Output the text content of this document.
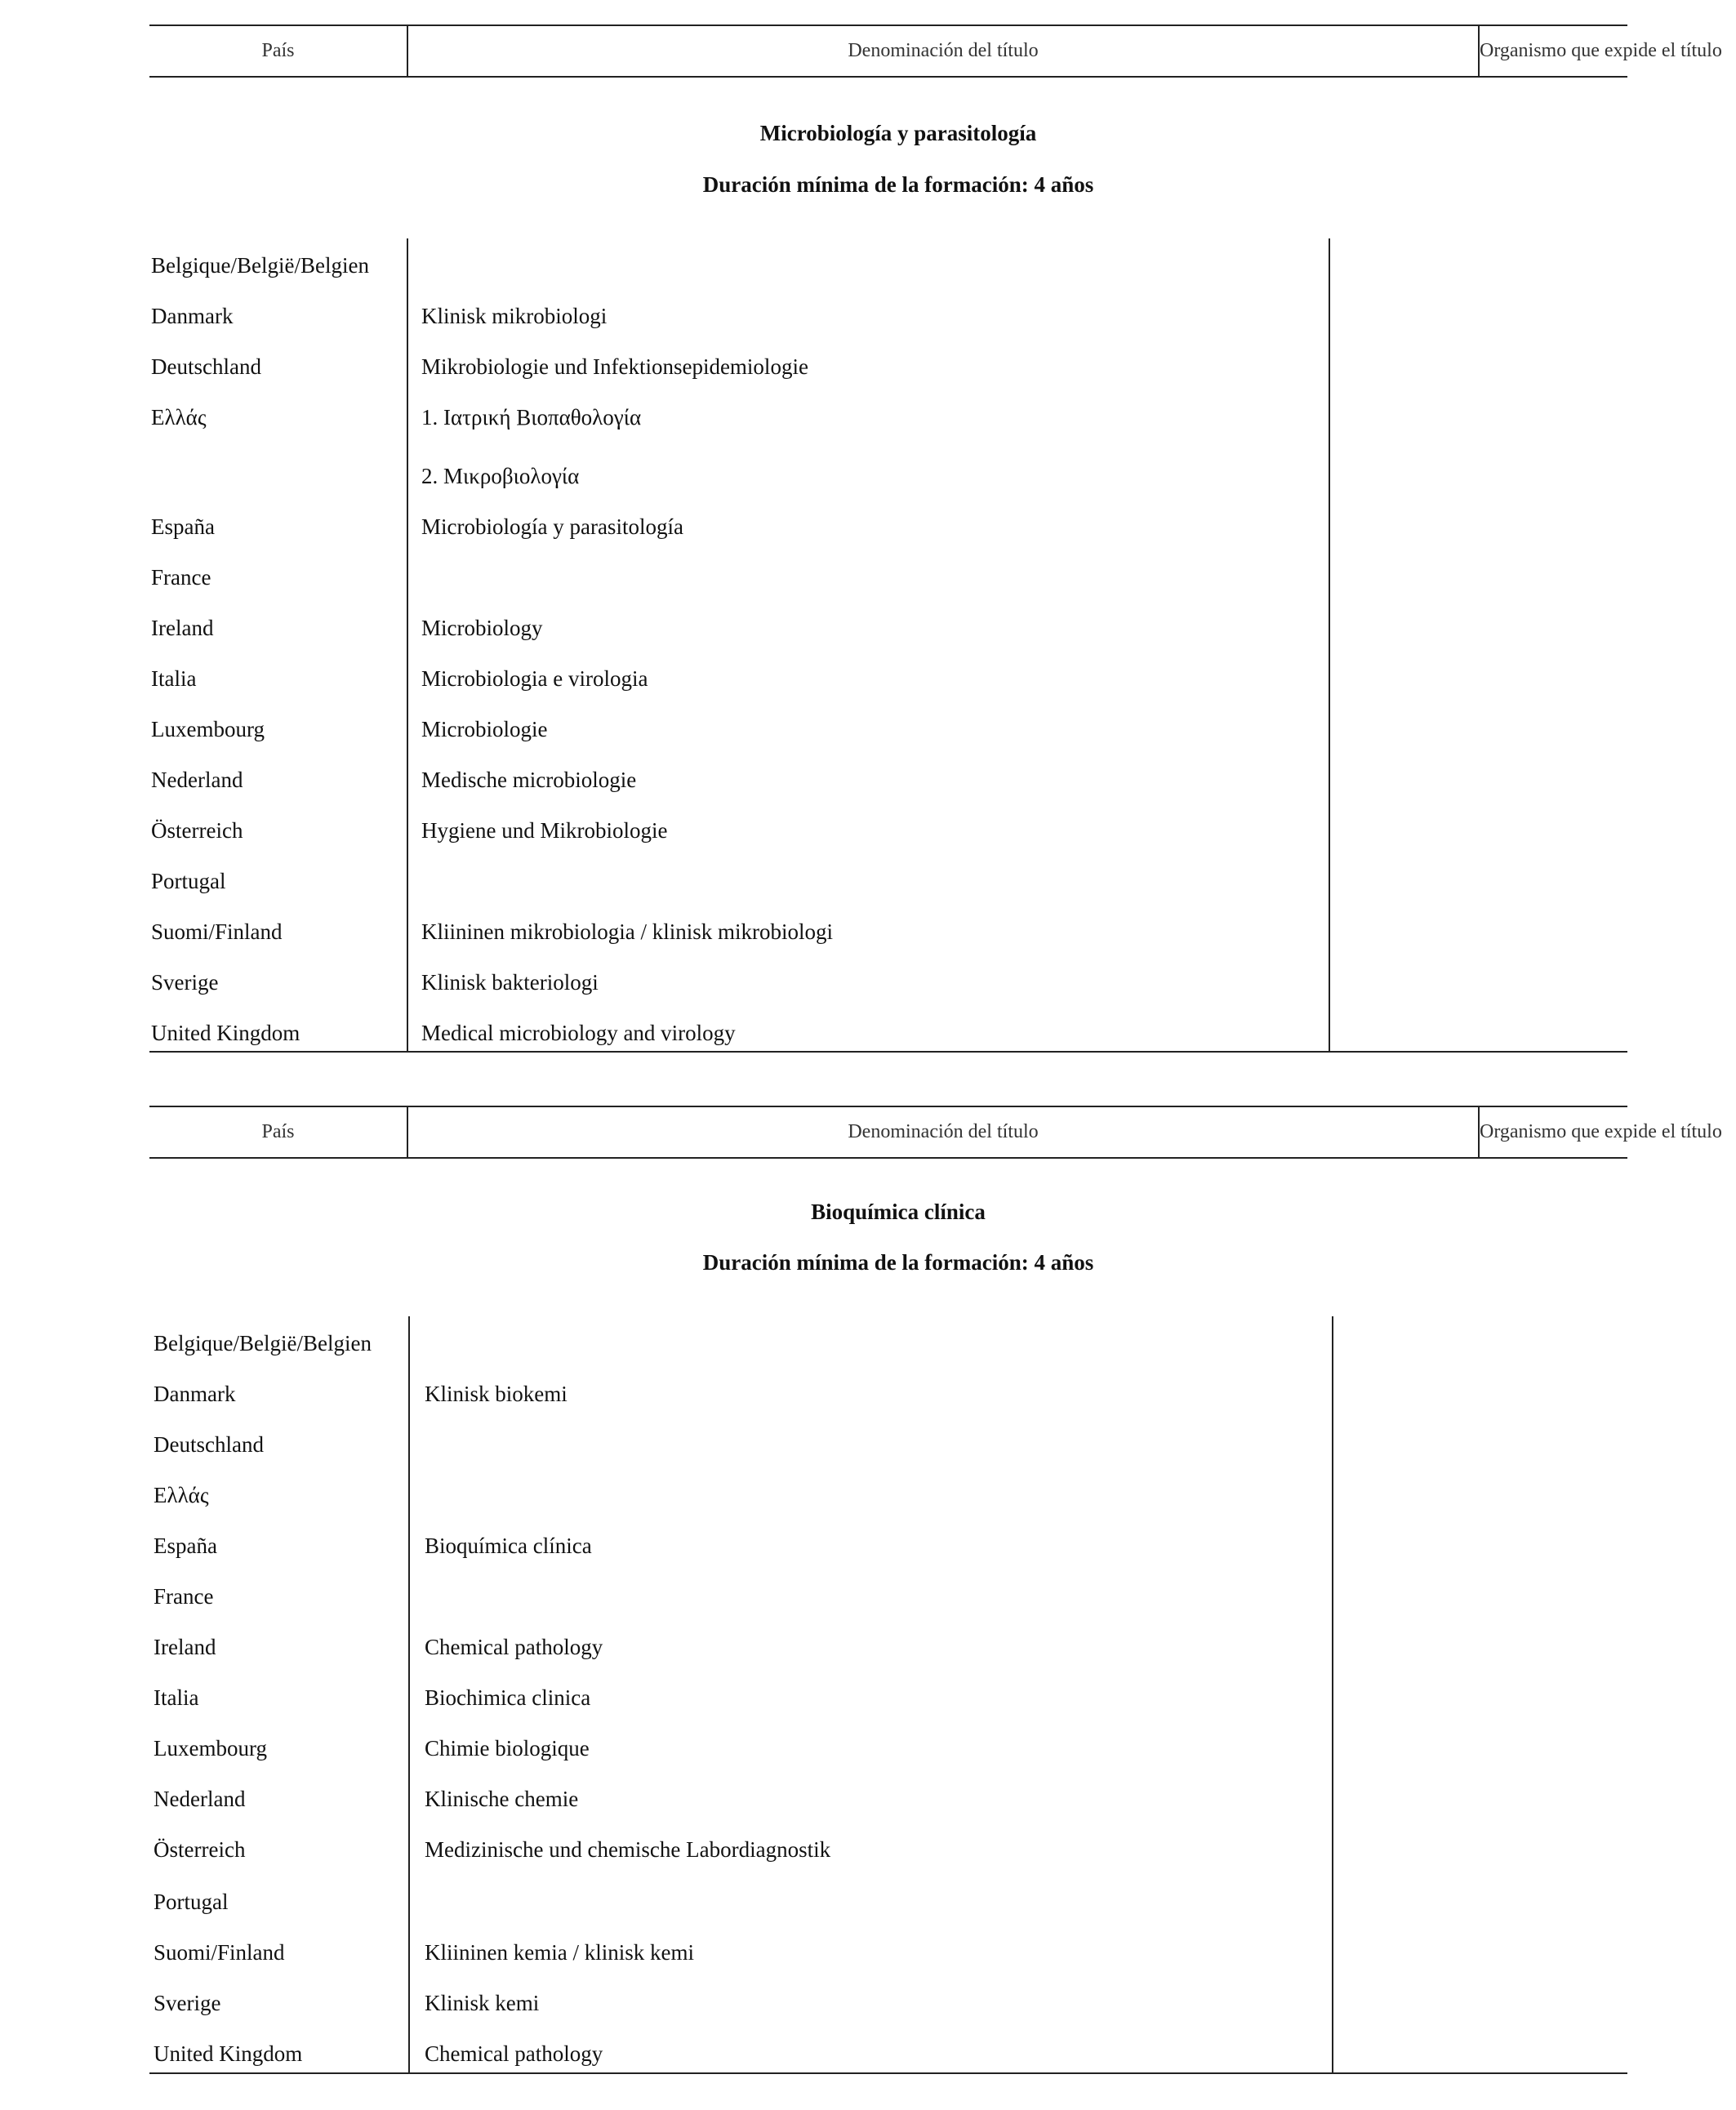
País	Denominación del título	Organismo que expide el título
Microbiología y parasitología
Duración mínima de la formación: 4 años
Belgique/België/Belgien
Danmark	Klinisk mikrobiologi
Deutschland	Mikrobiologie und Infektionsepidemiologie
Ελλάς	1. Ιατρική Βιοπαθολογία
2. Μικροβιολογία
España	Microbiología y parasitología
France
Ireland	Microbiology
Italia	Microbiologia e virologia
Luxembourg	Microbiologie
Nederland	Medische microbiologie
Österreich	Hygiene und Mikrobiologie
Portugal
Suomi/Finland	Kliininen mikrobiologia / klinisk mikrobiologi
Sverige	Klinisk bakteriologi
United Kingdom	Medical microbiology and virology
País	Denominación del título	Organismo que expide el título
Bioquímica clínica
Duración mínima de la formación: 4 años
Belgique/België/Belgien
Danmark	Klinisk biokemi
Deutschland
Ελλάς
España	Bioquímica clínica
France
Ireland	Chemical pathology
Italia	Biochimica clinica
Luxembourg	Chimie biologique
Nederland	Klinische chemie
Österreich	Medizinische und chemische Labordiagnostik
Portugal
Suomi/Finland	Kliininen kemia / klinisk kemi
Sverige	Klinisk kemi
United Kingdom	Chemical pathology
